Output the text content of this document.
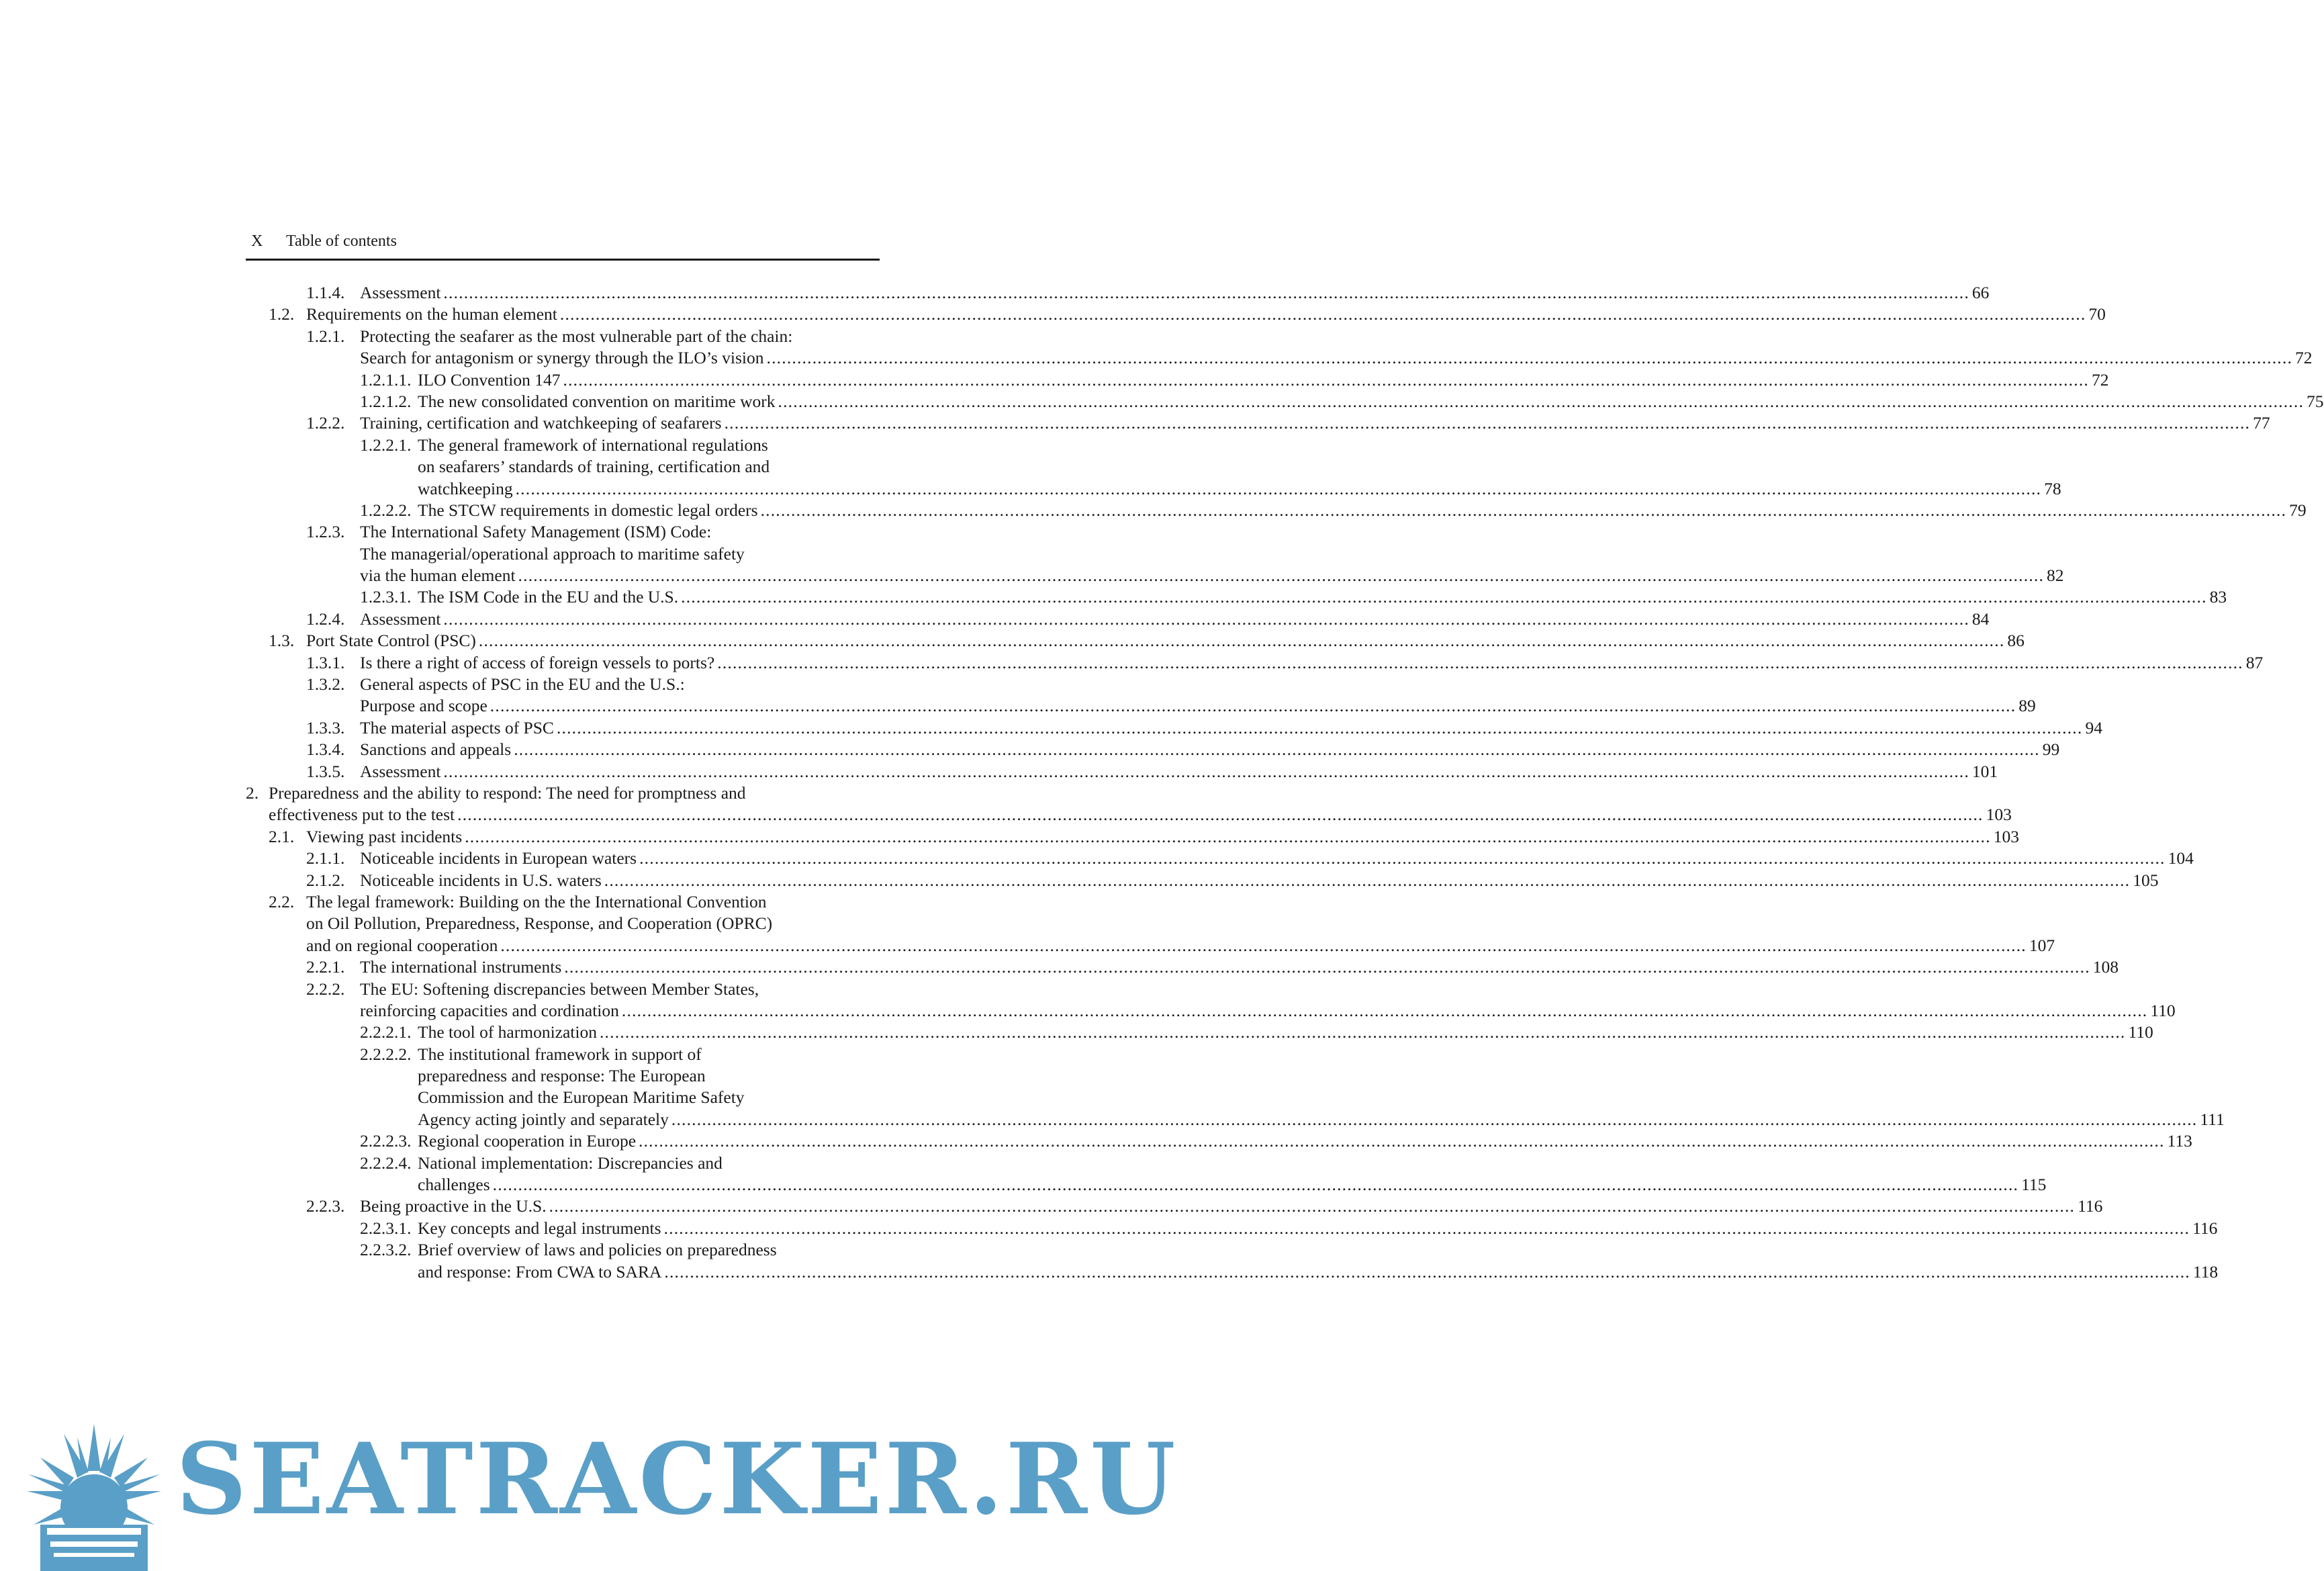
X Table of contents
1.1.4. Assessment ............................................................................................................................................................................................................................................................................................................ 66
1.2. Requirements on the human element ............................................................................................................................................................................................................................................................................................................ 70
1.2.1. Protecting the seafarer as the most vulnerable part of the chain:
Search for antagonism or synergy through the ILO’s vision ............................................................................................................................................................................................................................................................................................................ 72
1.2.1.1. ILO Convention 147 ............................................................................................................................................................................................................................................................................................................ 72
1.2.1.2. The new consolidated convention on maritime work ............................................................................................................................................................................................................................................................................................................ 75
1.2.2. Training, certification and watchkeeping of seafarers ............................................................................................................................................................................................................................................................................................................ 77
1.2.2.1. The general framework of international regulations
on seafarers’ standards of training, certification and
watchkeeping ............................................................................................................................................................................................................................................................................................................ 78
1.2.2.2. The STCW requirements in domestic legal orders ............................................................................................................................................................................................................................................................................................................ 79
1.2.3. The International Safety Management (ISM) Code:
The managerial/operational approach to maritime safety
via the human element ............................................................................................................................................................................................................................................................................................................ 82
1.2.3.1. The ISM Code in the EU and the U.S. ............................................................................................................................................................................................................................................................................................................ 83
1.2.4. Assessment ............................................................................................................................................................................................................................................................................................................ 84
1.3. Port State Control (PSC) ............................................................................................................................................................................................................................................................................................................ 86
1.3.1. Is there a right of access of foreign vessels to ports? ............................................................................................................................................................................................................................................................................................................ 87
1.3.2. General aspects of PSC in the EU and the U.S.:
Purpose and scope ............................................................................................................................................................................................................................................................................................................ 89
1.3.3. The material aspects of PSC ............................................................................................................................................................................................................................................................................................................ 94
1.3.4. Sanctions and appeals ............................................................................................................................................................................................................................................................................................................ 99
1.3.5. Assessment ............................................................................................................................................................................................................................................................................................................ 101
2. Preparedness and the ability to respond: The need for promptness and
effectiveness put to the test ............................................................................................................................................................................................................................................................................................................ 103
2.1. Viewing past incidents ............................................................................................................................................................................................................................................................................................................ 103
2.1.1. Noticeable incidents in European waters ............................................................................................................................................................................................................................................................................................................ 104
2.1.2. Noticeable incidents in U.S. waters ............................................................................................................................................................................................................................................................................................................ 105
2.2. The legal framework: Building on the the International Convention
on Oil Pollution, Preparedness, Response, and Cooperation (OPRC)
and on regional cooperation ............................................................................................................................................................................................................................................................................................................ 107
2.2.1. The international instruments ............................................................................................................................................................................................................................................................................................................ 108
2.2.2. The EU: Softening discrepancies between Member States,
reinforcing capacities and cordination ............................................................................................................................................................................................................................................................................................................ 110
2.2.2.1. The tool of harmonization ............................................................................................................................................................................................................................................................................................................ 110
2.2.2.2. The institutional framework in support of
preparedness and response: The European
Commission and the European Maritime Safety
Agency acting jointly and separately ............................................................................................................................................................................................................................................................................................................ 111
2.2.2.3. Regional cooperation in Europe ............................................................................................................................................................................................................................................................................................................ 113
2.2.2.4. National implementation: Discrepancies and
challenges ............................................................................................................................................................................................................................................................................................................ 115
2.2.3. Being proactive in the U.S. ............................................................................................................................................................................................................................................................................................................ 116
2.2.3.1. Key concepts and legal instruments ............................................................................................................................................................................................................................................................................................................ 116
2.2.3.2. Brief overview of laws and policies on preparedness
and response: From CWA to SARA ............................................................................................................................................................................................................................................................................................................ 118
SEATRACKER.RU
